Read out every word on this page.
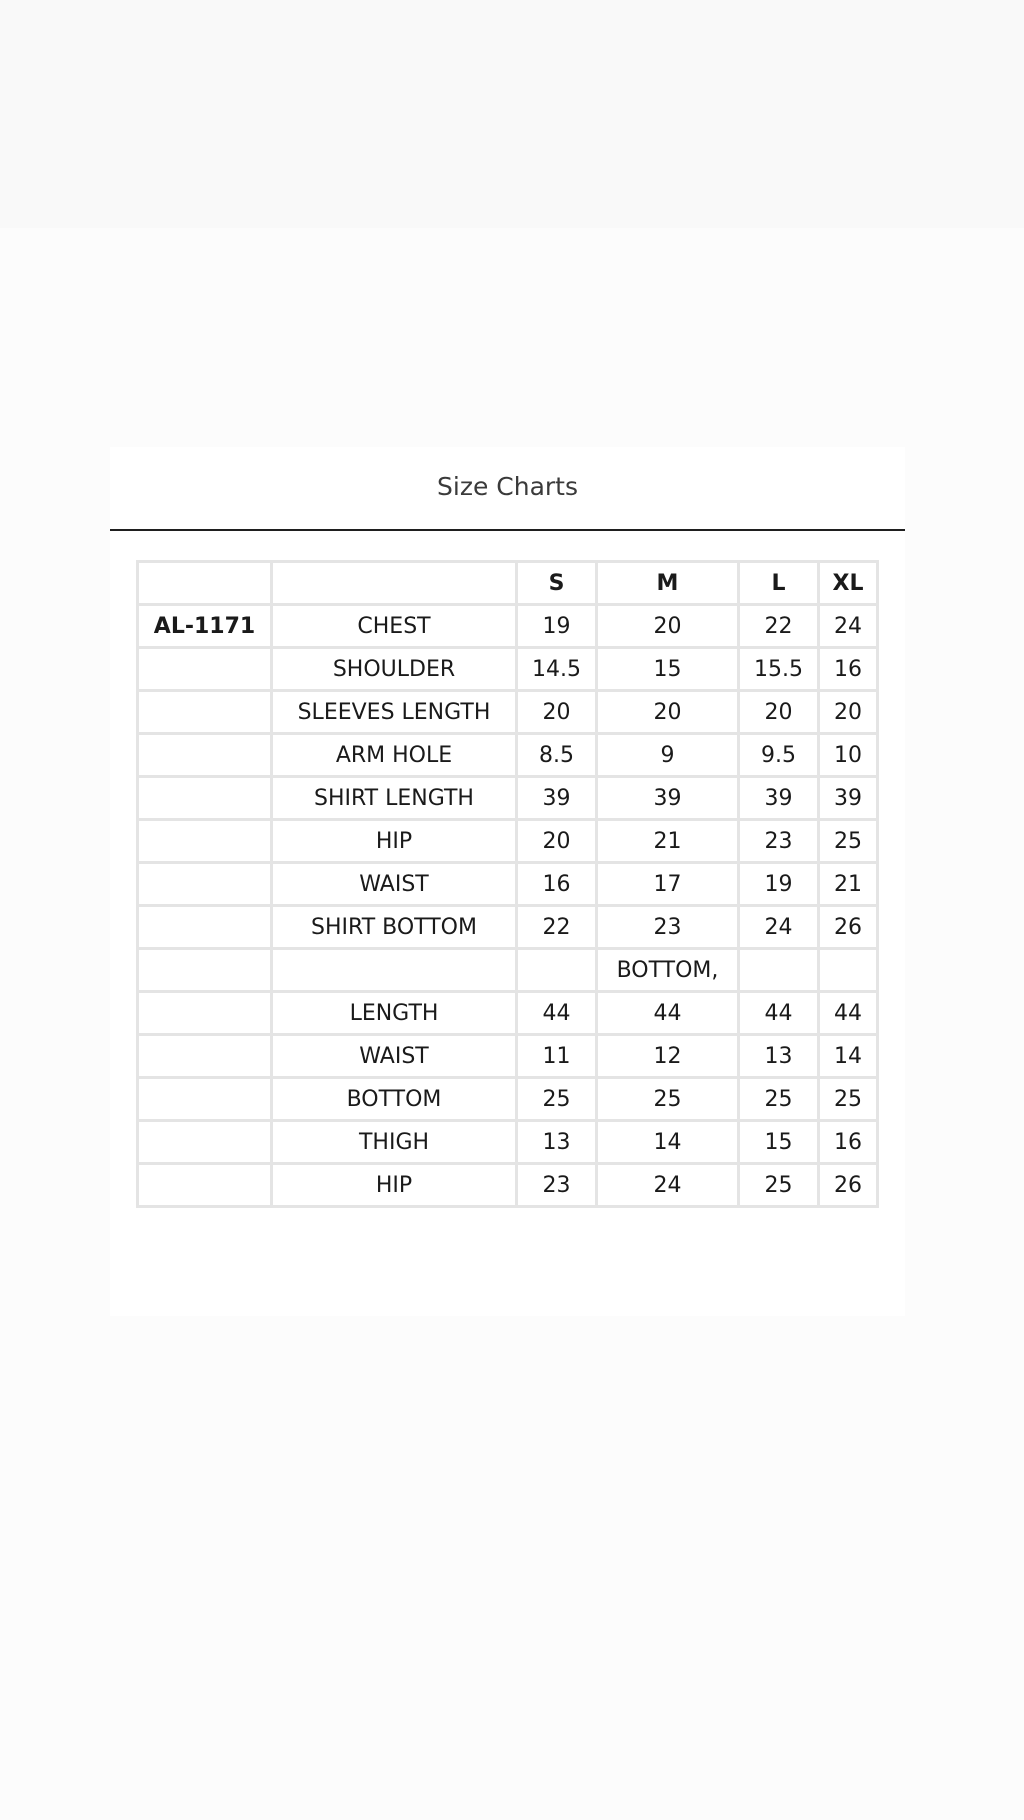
Size Charts
		S	M	L	XL
AL-1171	CHEST	19	20	22	24
	SHOULDER	14.5	15	15.5	16
	SLEEVES LENGTH	20	20	20	20
	ARM HOLE	8.5	9	9.5	10
	SHIRT LENGTH	39	39	39	39
	HIP	20	21	23	25
	WAIST	16	17	19	21
	SHIRT BOTTOM	22	23	24	26
			BOTTOM,		
	LENGTH	44	44	44	44
	WAIST	11	12	13	14
	BOTTOM	25	25	25	25
	THIGH	13	14	15	16
	HIP	23	24	25	26
